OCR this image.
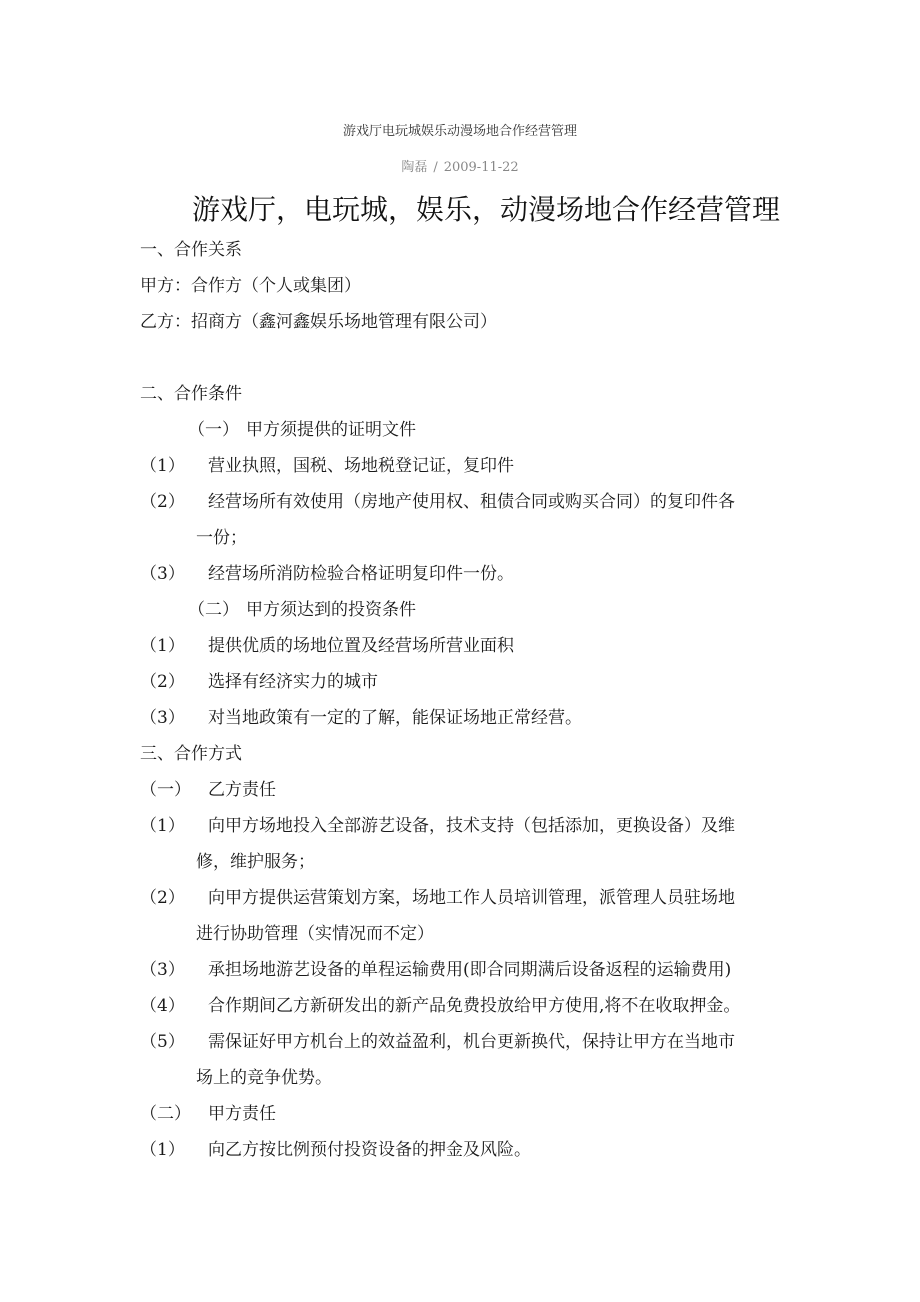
游戏厅电玩城娱乐动漫场地合作经营管理
陶磊 / 2009-11-22
游戏厅，电玩城，娱乐，动漫场地合作经营管理
一、合作关系
甲方：合作方（个人或集团）
乙方：招商方（鑫河鑫娱乐场地管理有限公司）
二、合作条件
（一） 甲方须提供的证明文件
（1） 营业执照，国税、场地税登记证，复印件
（2） 经营场所有效使用（房地产使用权、租债合同或购买合同）的复印件各
一份；
（3） 经营场所消防检验合格证明复印件一份。
（二） 甲方须达到的投资条件
（1） 提供优质的场地位置及经营场所营业面积
（2） 选择有经济实力的城市
（3） 对当地政策有一定的了解，能保证场地正常经营。
三、合作方式
（一） 乙方责任
（1） 向甲方场地投入全部游艺设备，技术支持（包括添加，更换设备）及维
修，维护服务；
（2） 向甲方提供运营策划方案，场地工作人员培训管理，派管理人员驻场地
进行协助管理（实情况而不定）
（3） 承担场地游艺设备的单程运输费用(即合同期满后设备返程的运输费用)
（4） 合作期间乙方新研发出的新产品免费投放给甲方使用,将不在收取押金。
（5） 需保证好甲方机台上的效益盈利，机台更新换代，保持让甲方在当地市
场上的竞争优势。
（二） 甲方责任
（1） 向乙方按比例预付投资设备的押金及风险。
